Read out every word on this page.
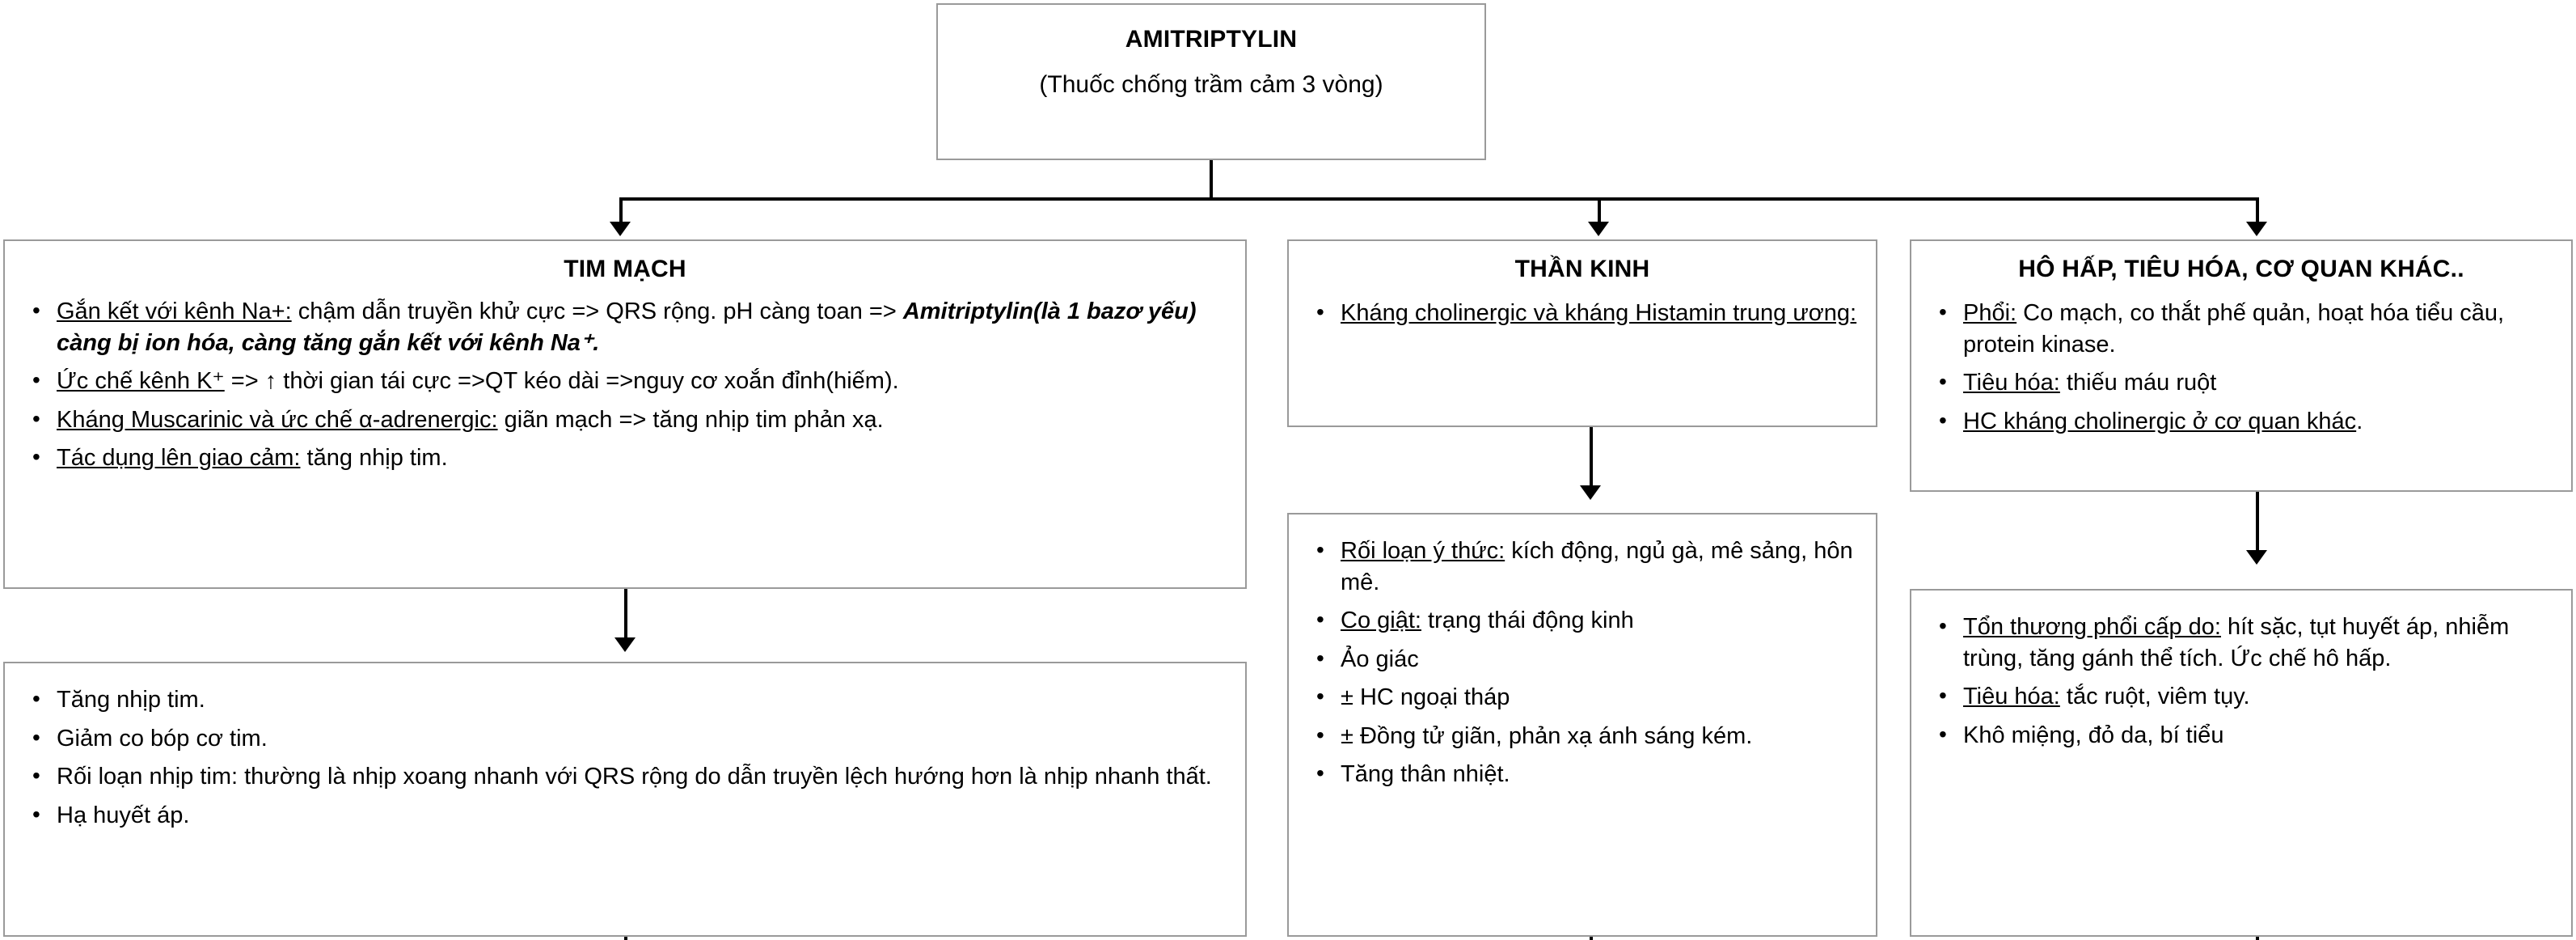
AMITRIPTYLIN
(Thuốc chống trầm cảm 3 vòng)
TIM MẠCH
• Gắn kết với kênh Na+: chậm dẫn truyền khử cực => QRS rộng. pH càng toan => Amitriptylin(là 1 bazơ yếu) càng bị ion hóa, càng tăng gắn kết với kênh Na⁺.
• Ức chế kênh K⁺ => ↑ thời gian tái cực =>QT kéo dài =>nguy cơ xoắn đỉnh(hiếm).
• Kháng Muscarinic và ức chế α-adrenergic: giãn mạch => tăng nhịp tim phản xạ.
• Tác dụng lên giao cảm: tăng nhịp tim.
• Tăng nhịp tim.
• Giảm co bóp cơ tim.
• Rối loạn nhịp tim: thường là nhịp xoang nhanh với QRS rộng do dẫn truyền lệch hướng hơn là nhịp nhanh thất.
• Hạ huyết áp.
THẦN KINH
• Kháng cholinergic và kháng Histamin trung ương:
• Rối loạn ý thức: kích động, ngủ gà, mê sảng, hôn mê.
• Co giật: trạng thái động kinh
• Ảo giác
• ± HC ngoại tháp
• ± Đồng tử giãn, phản xạ ánh sáng kém.
• Tăng thân nhiệt.
HÔ HẤP, TIÊU HÓA, CƠ QUAN KHÁC..
• Phổi: Co mạch, co thắt phế quản, hoạt hóa tiểu cầu, protein kinase.
• Tiêu hóa: thiếu máu ruột
• HC kháng cholinergic ở cơ quan khác.
• Tổn thương phổi cấp do: hít sặc, tụt huyết áp, nhiễm trùng, tăng gánh thể tích. Ức chế hô hấp.
• Tiêu hóa: tắc ruột, viêm tụy.
• Khô miệng, đỏ da, bí tiểu
